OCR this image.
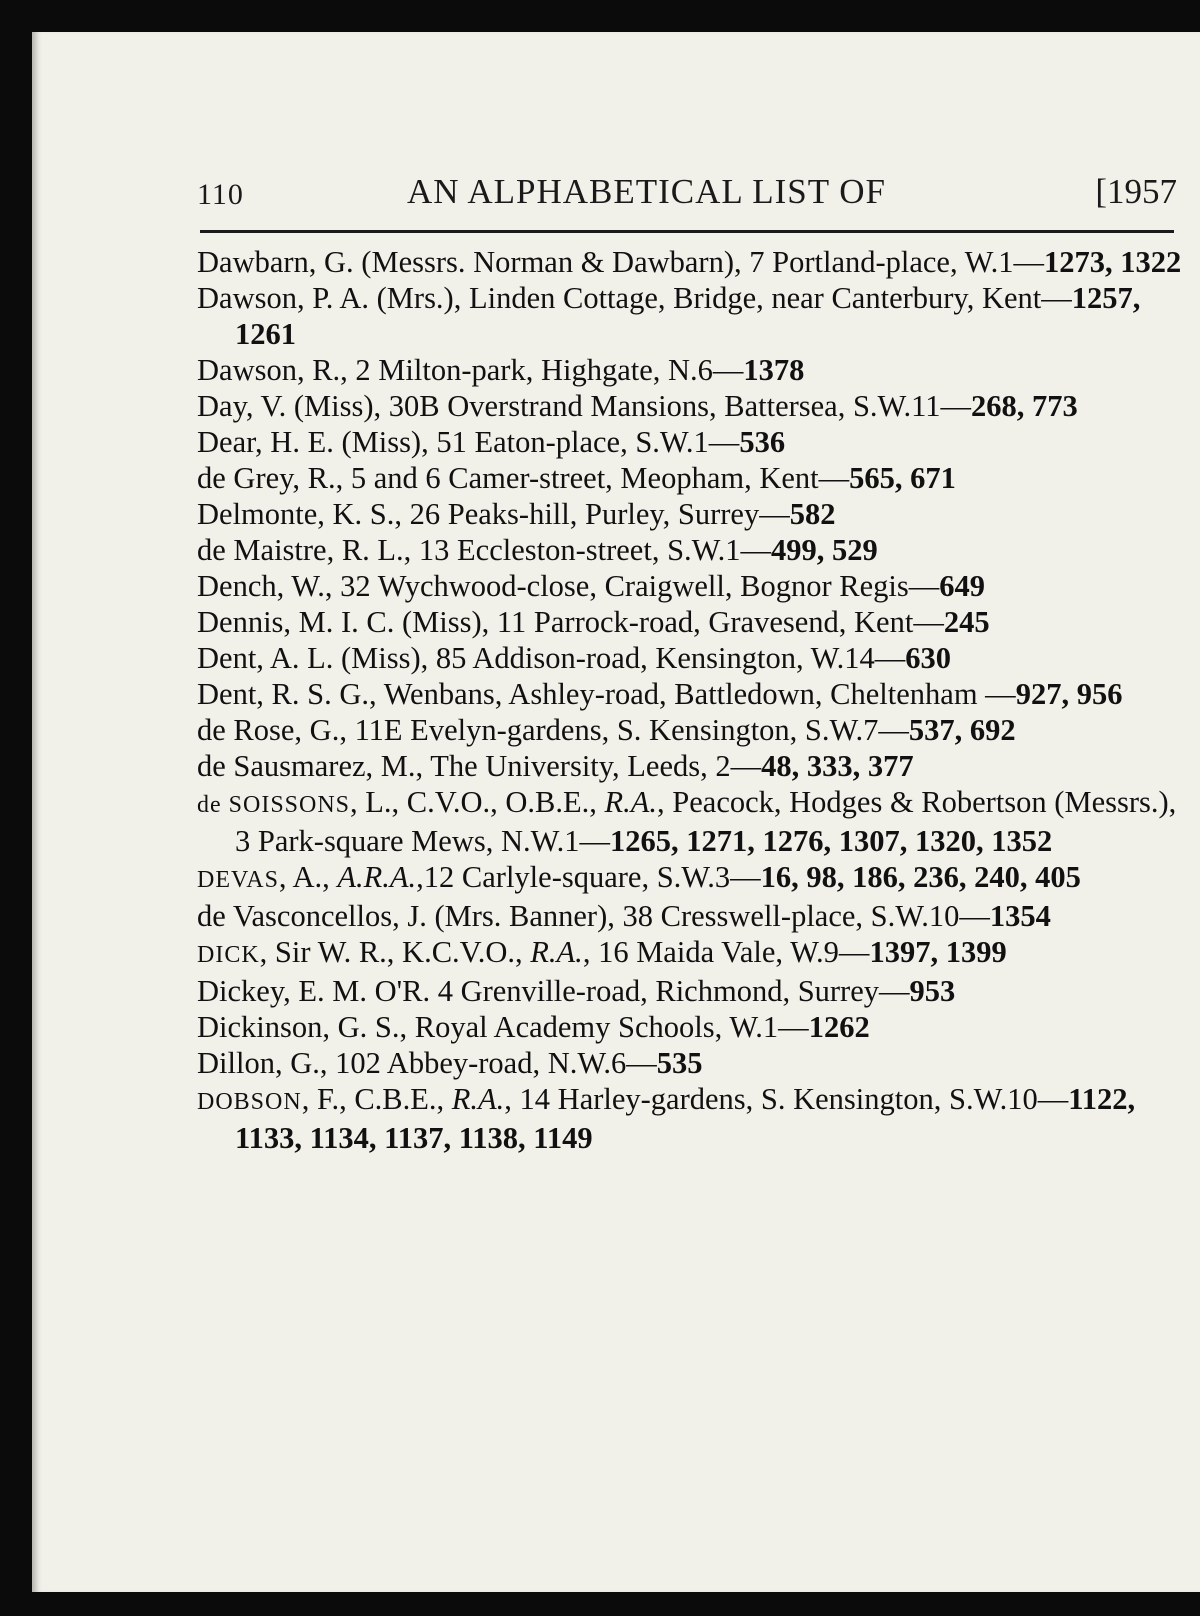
110	AN ALPHABETICAL LIST OF	[1957
Dawbarn, G. (Messrs. Norman & Dawbarn), 7 Portland-place, W.1—1273, 1322
Dawson, P. A. (Mrs.), Linden Cottage, Bridge, near Canterbury, Kent—1257, 1261
Dawson, R., 2 Milton-park, Highgate, N.6—1378
Day, V. (Miss), 30B Overstrand Mansions, Battersea, S.W.11—268, 773
Dear, H. E. (Miss), 51 Eaton-place, S.W.1—536
de Grey, R., 5 and 6 Camer-street, Meopham, Kent—565, 671
Delmonte, K. S., 26 Peaks-hill, Purley, Surrey—582
de Maistre, R. L., 13 Eccleston-street, S.W.1—499, 529
Dench, W., 32 Wychwood-close, Craigwell, Bognor Regis—649
Dennis, M. I. C. (Miss), 11 Parrock-road, Gravesend, Kent—245
Dent, A. L. (Miss), 85 Addison-road, Kensington, W.14—630
Dent, R. S. G., Wenbans, Ashley-road, Battledown, Cheltenham —927, 956
de Rose, G., 11E Evelyn-gardens, S. Kensington, S.W.7—537, 692
de Sausmarez, M., The University, Leeds, 2—48, 333, 377
de SOISSONS, L., C.V.O., O.B.E., R.A., Peacock, Hodges & Robertson (Messrs.), 3 Park-square Mews, N.W.1—1265, 1271, 1276, 1307, 1320, 1352
DEVAS, A., A.R.A.,12 Carlyle-square, S.W.3—16, 98, 186, 236, 240, 405
de Vasconcellos, J. (Mrs. Banner), 38 Cresswell-place, S.W.10—1354
DICK, Sir W. R., K.C.V.O., R.A., 16 Maida Vale, W.9—1397, 1399
Dickey, E. M. O'R. 4 Grenville-road, Richmond, Surrey—953
Dickinson, G. S., Royal Academy Schools, W.1—1262
Dillon, G., 102 Abbey-road, N.W.6—535
DOBSON, F., C.B.E., R.A., 14 Harley-gardens, S. Kensington, S.W.10—1122, 1133, 1134, 1137, 1138, 1149
